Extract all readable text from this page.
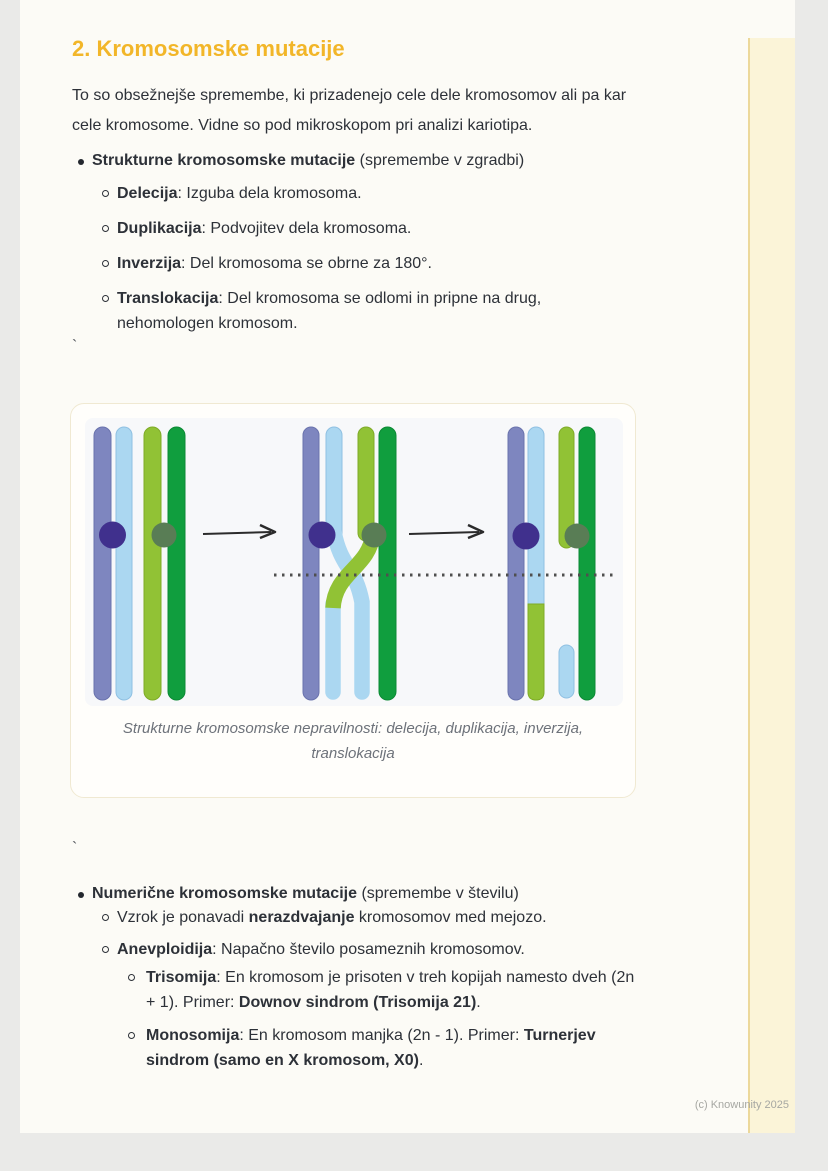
2. Kromosomske mutacije
To so obsežnejše spremembe, ki prizadenejo cele dele kromosomov ali pa kar
cele kromosome. Vidne so pod mikroskopom pri analizi kariotipa.
Strukturne kromosomske mutacije (spremembe v zgradbi)
Delecija: Izguba dela kromosoma.
Duplikacija: Podvojitev dela kromosoma.
Inverzija: Del kromosoma se obrne za 180°.
Translokacija: Del kromosoma se odlomi in pripne na drug,
nehomologen kromosom.
`
Strukturne kromosomske nepravilnosti: delecija, duplikacija, inverzija,
translokacija
`
Numerične kromosomske mutacije (spremembe v številu)
Vzrok je ponavadi nerazdvajanje kromosomov med mejozo.
Anevploidija: Napačno število posameznih kromosomov.
Trisomija: En kromosom je prisoten v treh kopijah namesto dveh (2n
+ 1). Primer: Downov sindrom (Trisomija 21).
Monosomija: En kromosom manjka (2n - 1). Primer: Turnerjev
sindrom (samo en X kromosom, X0).
(c) Knowunity 2025
